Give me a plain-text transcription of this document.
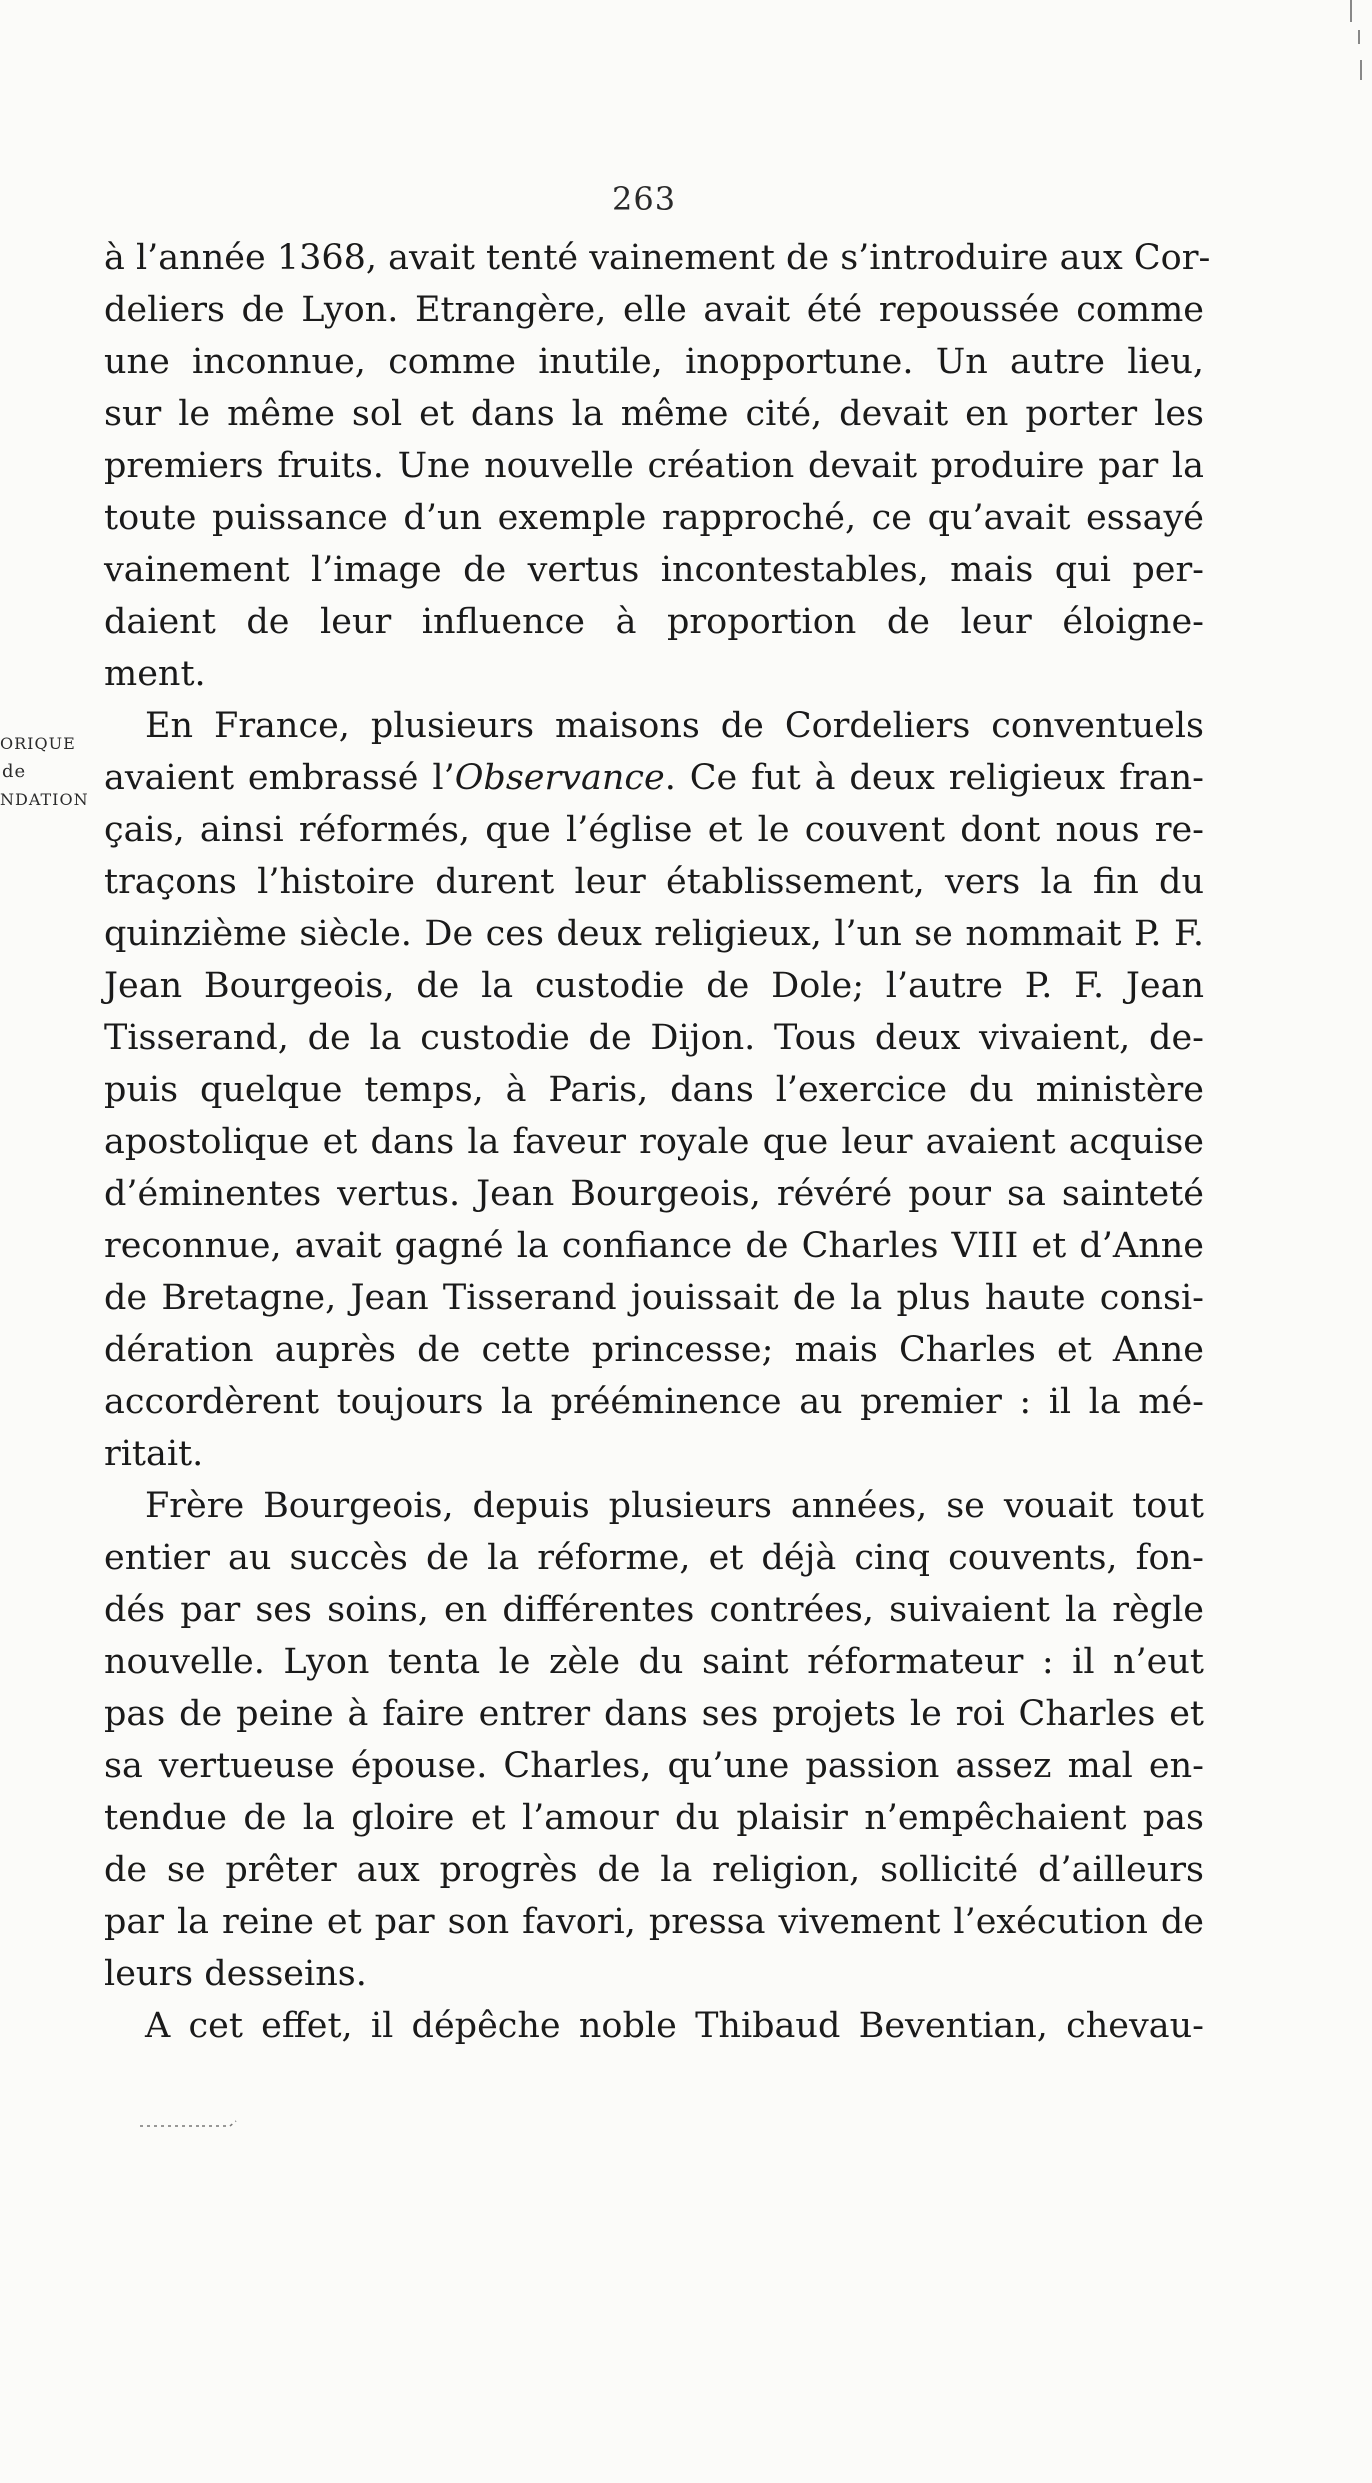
263
ORIQUE
de
NDATION
à l’année 1368, avait tenté vainement de s’introduire aux Cor-
deliers de Lyon. Etrangère, elle avait été repoussée comme
une inconnue, comme inutile, inopportune. Un autre lieu,
sur le même sol et dans la même cité, devait en porter les
premiers fruits. Une nouvelle création devait produire par la
toute puissance d’un exemple rapproché, ce qu’avait essayé
vainement l’image de vertus incontestables, mais qui per-
daient de leur influence à proportion de leur éloigne-
ment.
En France, plusieurs maisons de Cordeliers conventuels
avaient embrassé l’Observance. Ce fut à deux religieux fran-
çais, ainsi réformés, que l’église et le couvent dont nous re-
traçons l’histoire durent leur établissement, vers la fin du
quinzième siècle. De ces deux religieux, l’un se nommait P. F.
Jean Bourgeois, de la custodie de Dole; l’autre P. F. Jean
Tisserand, de la custodie de Dijon. Tous deux vivaient, de-
puis quelque temps, à Paris, dans l’exercice du ministère
apostolique et dans la faveur royale que leur avaient acquise
d’éminentes vertus. Jean Bourgeois, révéré pour sa sainteté
reconnue, avait gagné la confiance de Charles VIII et d’Anne
de Bretagne, Jean Tisserand jouissait de la plus haute consi-
dération auprès de cette princesse; mais Charles et Anne
accordèrent toujours la prééminence au premier : il la mé-
ritait.
Frère Bourgeois, depuis plusieurs années, se vouait tout
entier au succès de la réforme, et déjà cinq couvents, fon-
dés par ses soins, en différentes contrées, suivaient la règle
nouvelle. Lyon tenta le zèle du saint réformateur : il n’eut
pas de peine à faire entrer dans ses projets le roi Charles et
sa vertueuse épouse. Charles, qu’une passion assez mal en-
tendue de la gloire et l’amour du plaisir n’empêchaient pas
de se prêter aux progrès de la religion, sollicité d’ailleurs
par la reine et par son favori, pressa vivement l’exécution de
leurs desseins.
A cet effet, il dépêche noble Thibaud Beventian, chevau-
